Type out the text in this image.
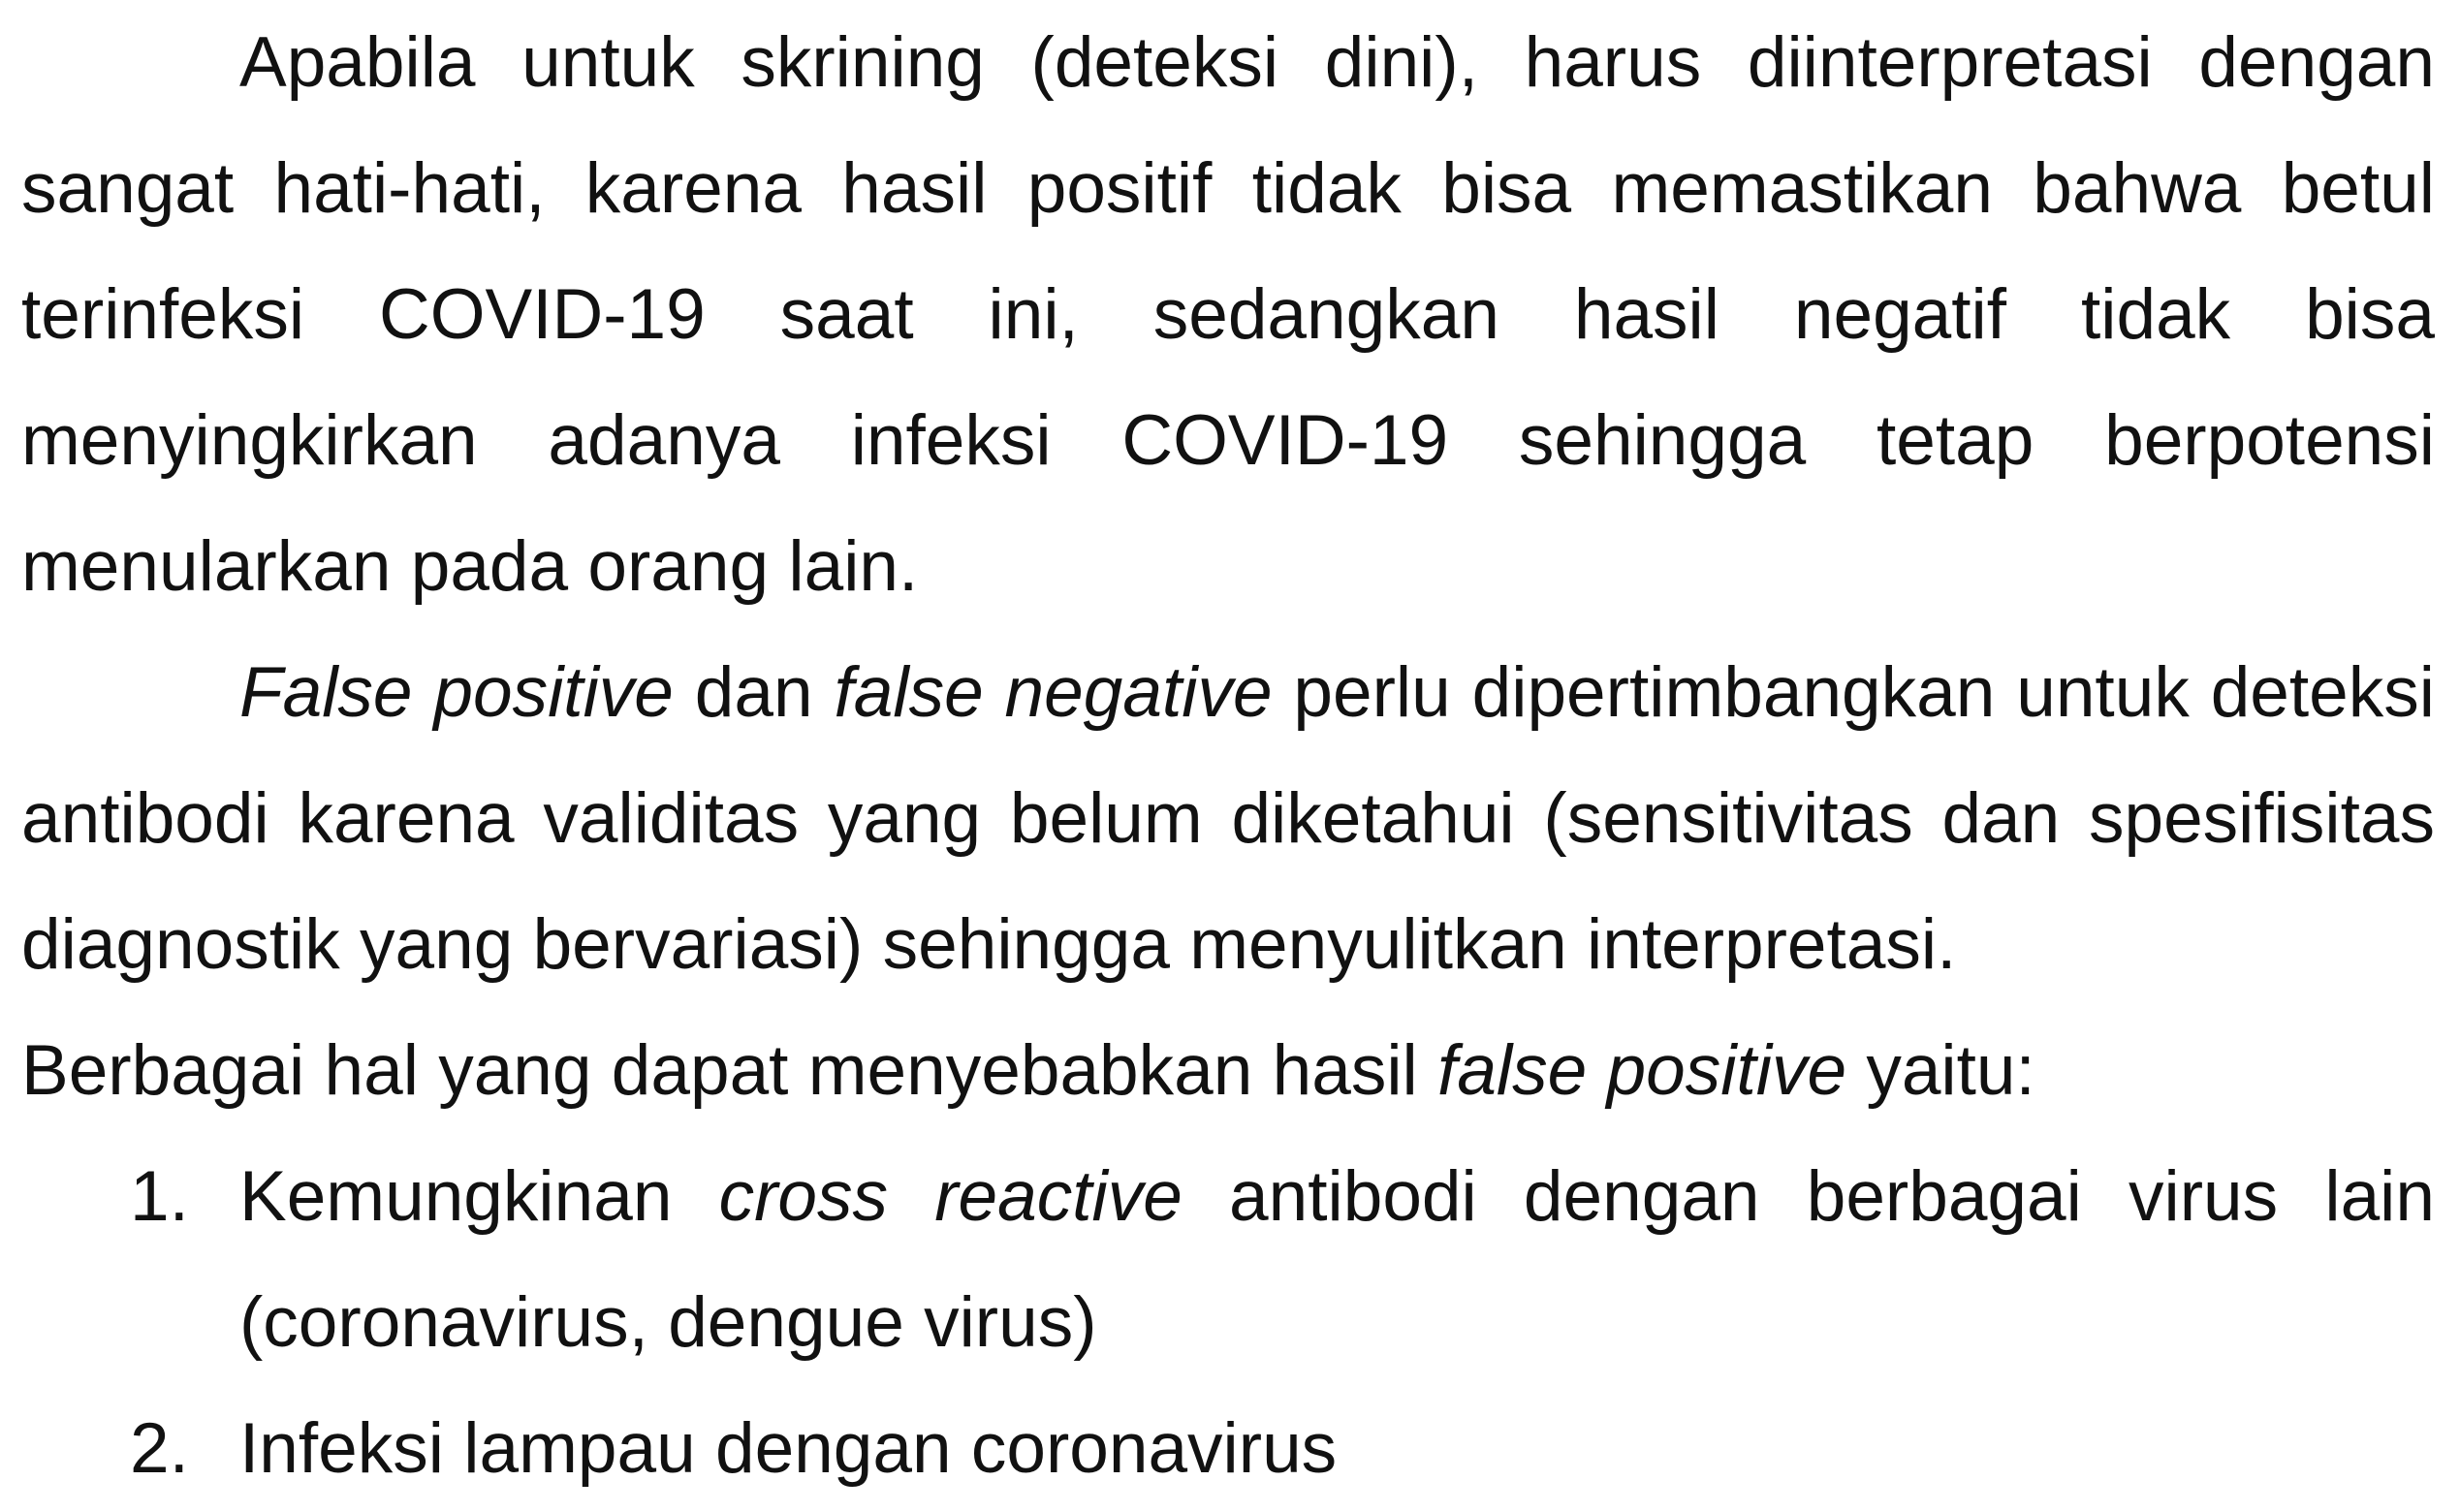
Apabila untuk skrining (deteksi dini), harus diinterpretasi dengan sangat hati-hati, karena hasil positif tidak bisa memastikan bahwa betul terinfeksi COVID-19 saat ini, sedangkan hasil negatif tidak bisa menyingkirkan adanya infeksi COVID-19 sehingga tetap berpotensi menularkan pada orang lain.

False positive dan false negative perlu dipertimbangkan untuk deteksi antibodi karena validitas yang belum diketahui (sensitivitas dan spesifisitas diagnostik yang bervariasi) sehingga menyulitkan interpretasi.

Berbagai hal yang dapat menyebabkan hasil false positive yaitu:

1. Kemungkinan cross reactive antibodi dengan berbagai virus lain (coronavirus, dengue virus)
2. Infeksi lampau dengan coronavirus
